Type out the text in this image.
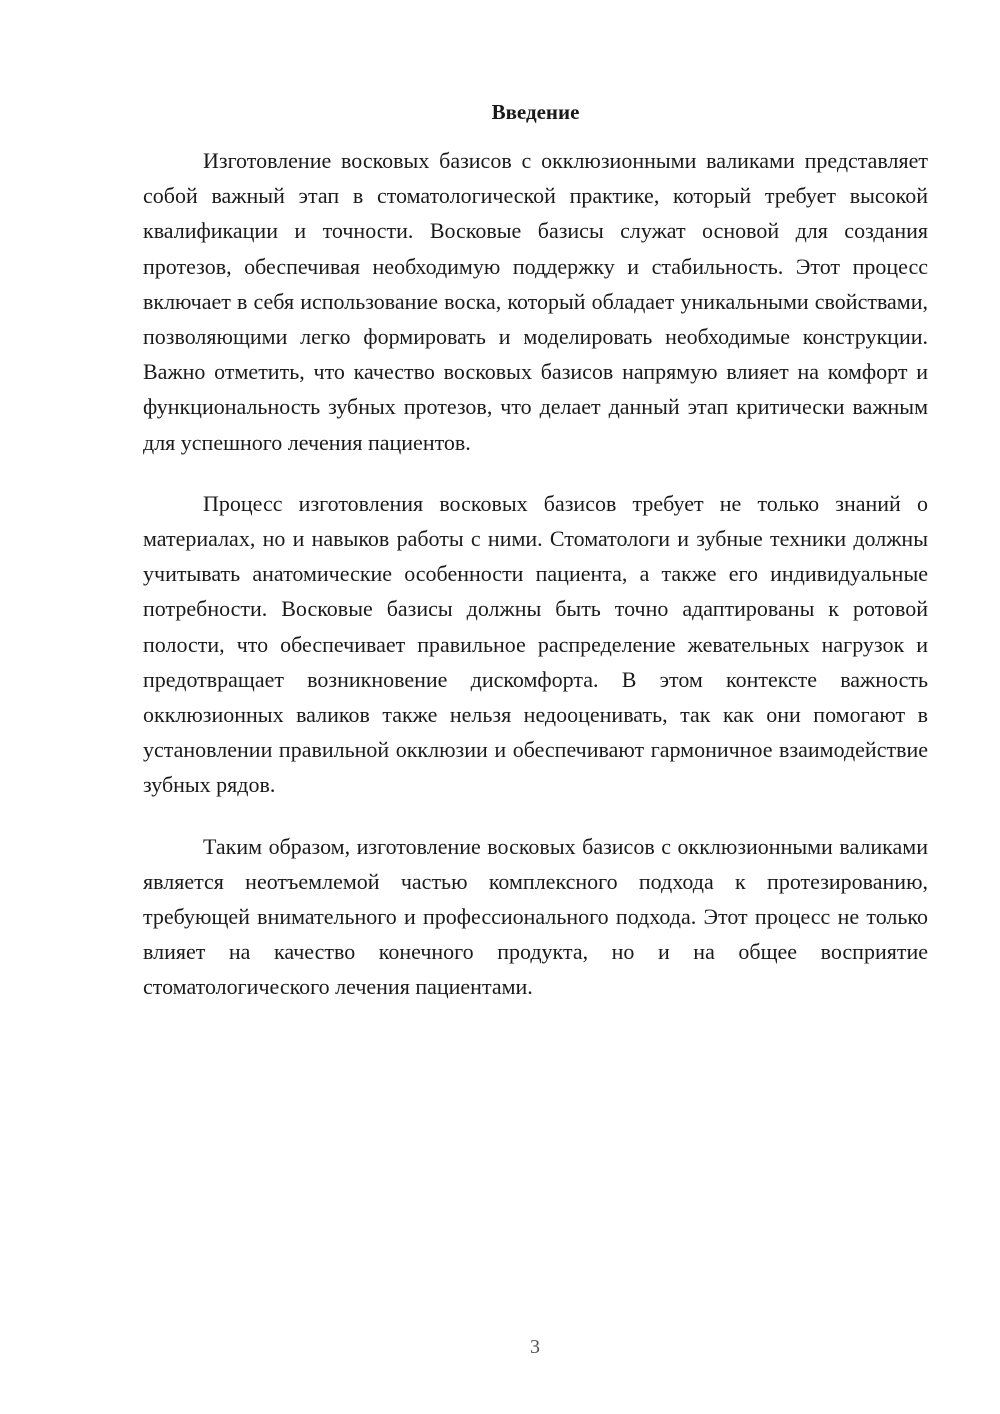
Введение

Изготовление восковых базисов с окклюзионными валиками представляет собой важный этап в стоматологической практике, который требует высокой квалификации и точности. Восковые базисы служат основой для создания протезов, обеспечивая необходимую поддержку и стабильность. Этот процесс включает в себя использование воска, который обладает уникальными свойствами, позволяющими легко формировать и моделировать необходимые конструкции. Важно отметить, что качество восковых базисов напрямую влияет на комфорт и функциональность зубных протезов, что делает данный этап критически важным для успешного лечения пациентов.

Процесс изготовления восковых базисов требует не только знаний о материалах, но и навыков работы с ними. Стоматологи и зубные техники должны учитывать анатомические особенности пациента, а также его индивидуальные потребности. Восковые базисы должны быть точно адаптированы к ротовой полости, что обеспечивает правильное распределение жевательных нагрузок и предотвращает возникновение дискомфорта. В этом контексте важность окклюзионных валиков также нельзя недооценивать, так как они помогают в установлении правильной окклюзии и обеспечивают гармоничное взаимодействие зубных рядов.

Таким образом, изготовление восковых базисов с окклюзионными валиками является неотъемлемой частью комплексного подхода к протезированию, требующей внимательного и профессионального подхода. Этот процесс не только влияет на качество конечного продукта, но и на общее восприятие стоматологического лечения пациентами.

3
